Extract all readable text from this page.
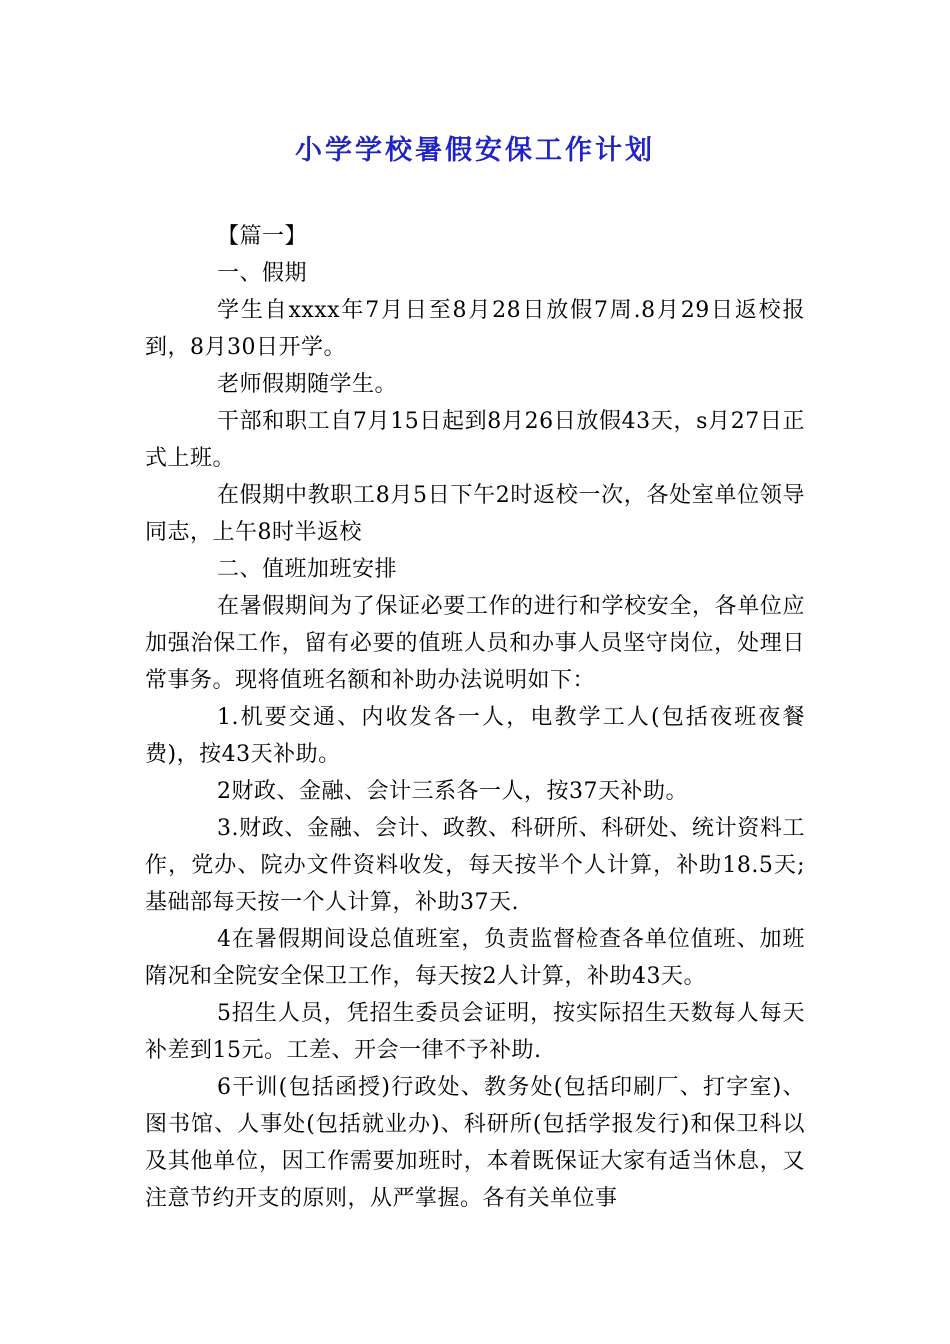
小学学校暑假安保工作计划

【篇一】

一、假期

学生自xxxx年7月日至8月28日放假7周.8月29日返校报到，8月30日开学。

老师假期随学生。

干部和职工自7月15日起到8月26日放假43天，s月27日正式上班。

在假期中教职工8月5日下午2时返校一次，各处室单位领导同志，上午8时半返校

二、值班加班安排

在暑假期间为了保证必要工作的进行和学校安全，各单位应加强治保工作，留有必要的值班人员和办事人员坚守岗位，处理日常事务。现将值班名额和补助办法说明如下：

1.机要交通、内收发各一人，电教学工人(包括夜班夜餐费)，按43天补助。

2财政、金融、会计三系各一人，按37天补助。

3.财政、金融、会计、政教、科研所、科研处、统计资料工作，党办、院办文件资料收发，每天按半个人计算，补助18.5天;基础部每天按一个人计算，补助37天.

4在暑假期间设总值班室，负责监督检查各单位值班、加班隋况和全院安全保卫工作，每天按2人计算，补助43天。

5招生人员，凭招生委员会证明，按实际招生天数每人每天补差到15元。工差、开会一律不予补助.

6干训(包括函授)行政处、教务处(包括印刷厂、打字室)、图书馆、人事处(包括就业办)、科研所(包括学报发行)和保卫科以及其他单位，因工作需要加班时，本着既保证大家有适当休息，又注意节约开支的原则，从严掌握。各有关单位事
